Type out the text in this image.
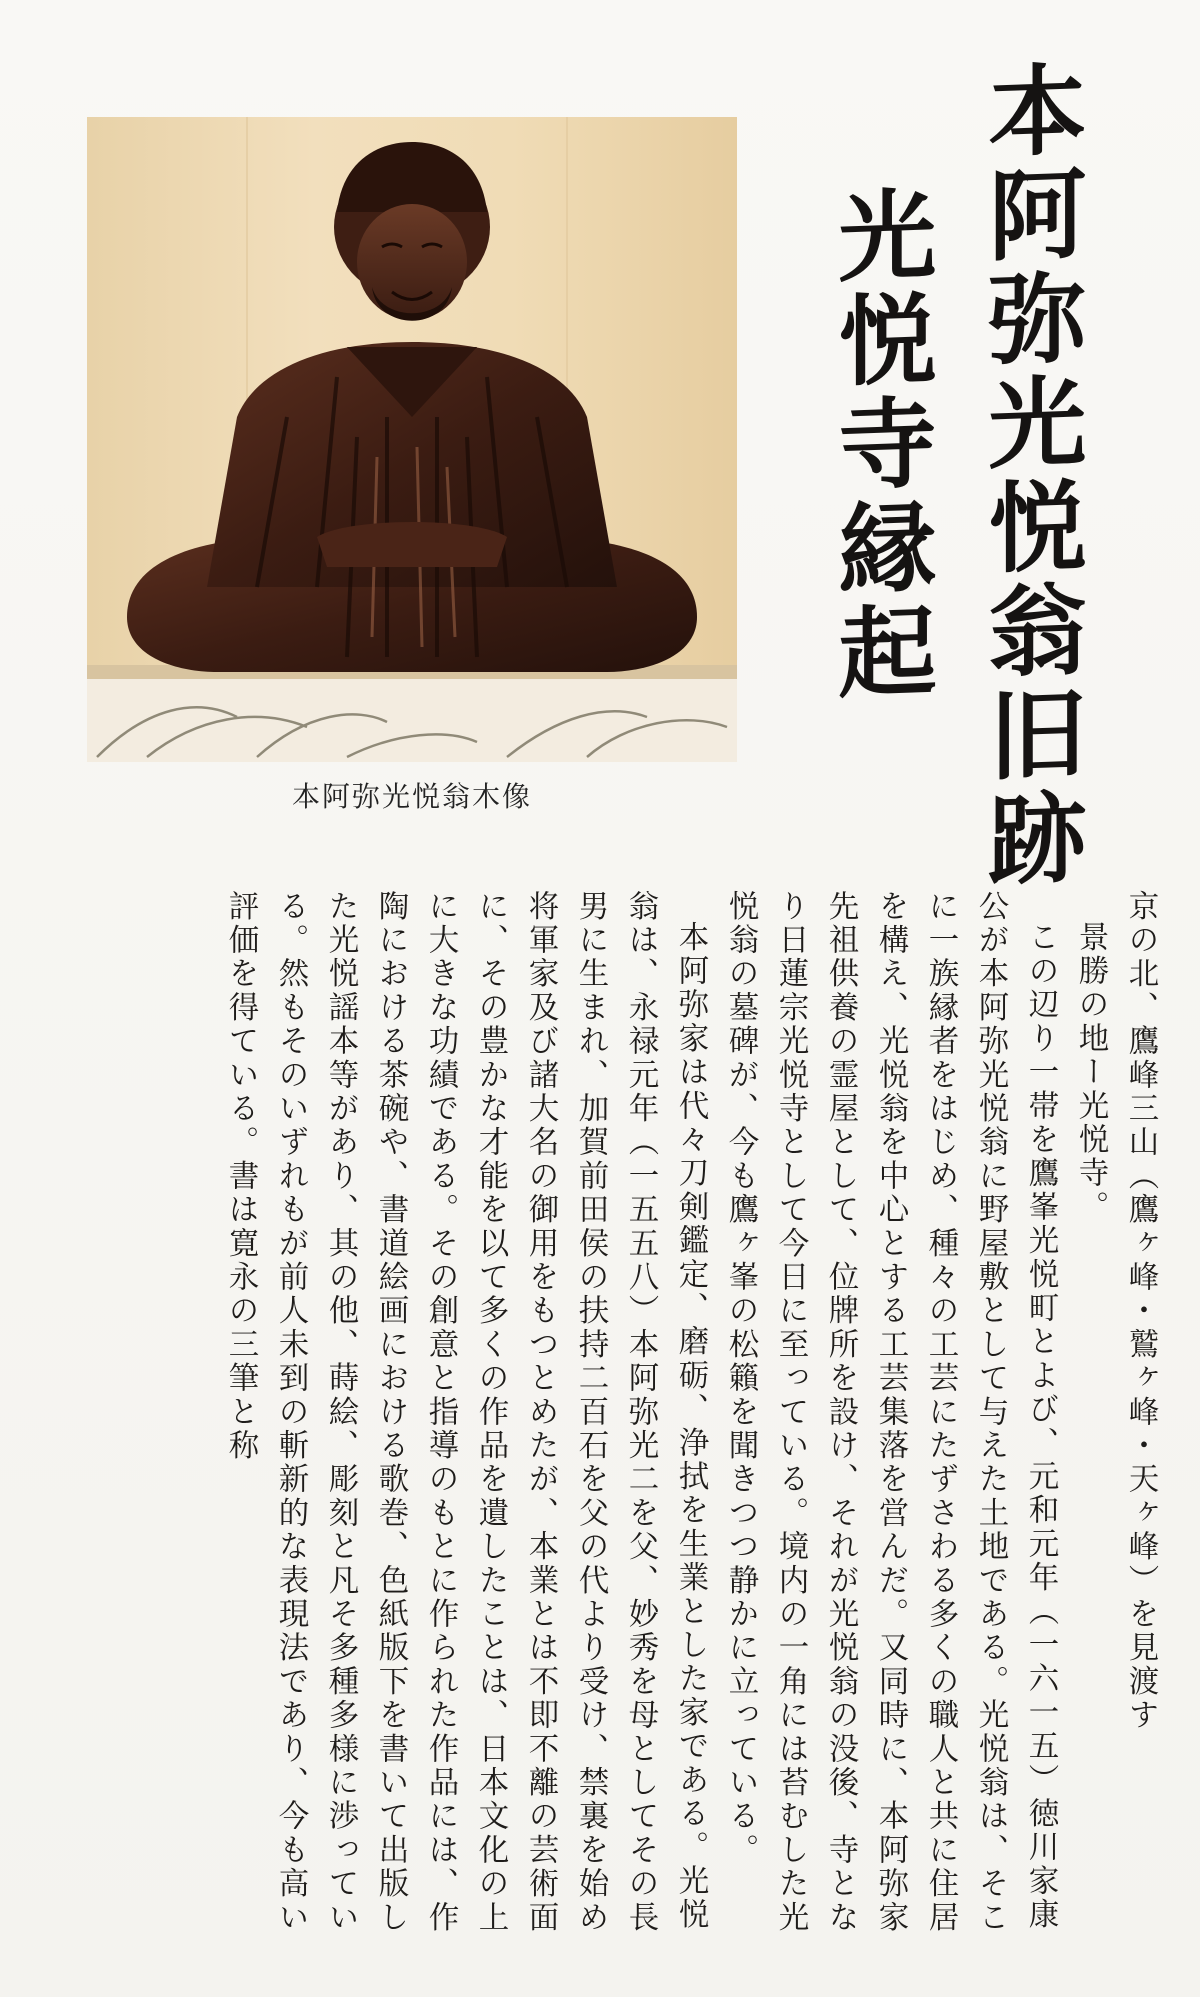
本阿弥光悦翁木像	本阿弥光悦翁旧跡
光悦寺縁起

京の北、鷹峰三山（鷹ヶ峰・鷲ヶ峰・天ヶ峰）を見渡す

景勝の地ー光悦寺。

この辺り一帯を鷹峯光悦町とよび、元和元年（一六一五）徳川家康公が本阿弥光悦翁に野屋敷として与えた土地である。光悦翁は、そこに一族縁者をはじめ、種々の工芸にたずさわる多くの職人と共に住居を構え、光悦翁を中心とする工芸集落を営んだ。又同時に、本阿弥家先祖供養の霊屋として、位牌所を設け、それが光悦翁の没後、寺となり日蓮宗光悦寺として今日に至っている。境内の一角には苔むした光悦翁の墓碑が、今も鷹ヶ峯の松籟を聞きつつ静かに立っている。

本阿弥家は代々刀剣鑑定、磨砺、浄拭を生業とした家である。光悦翁は、永禄元年（一五五八）本阿弥光二を父、妙秀を母としてその長男に生まれ、加賀前田侯の扶持二百石を父の代より受け、禁裏を始め将軍家及び諸大名の御用をもつとめたが、本業とは不即不離の芸術面に、その豊かな才能を以て多くの作品を遺したことは、日本文化の上に大きな功績である。その創意と指導のもとに作られた作品には、作陶における茶碗や、書道絵画における歌巻、色紙版下を書いて出版した光悦謡本等があり、其の他、蒔絵、彫刻と凡そ多種多様に渉っている。然もそのいずれもが前人未到の斬新的な表現法であり、今も高い評価を得ている。書は寛永の三筆と称
